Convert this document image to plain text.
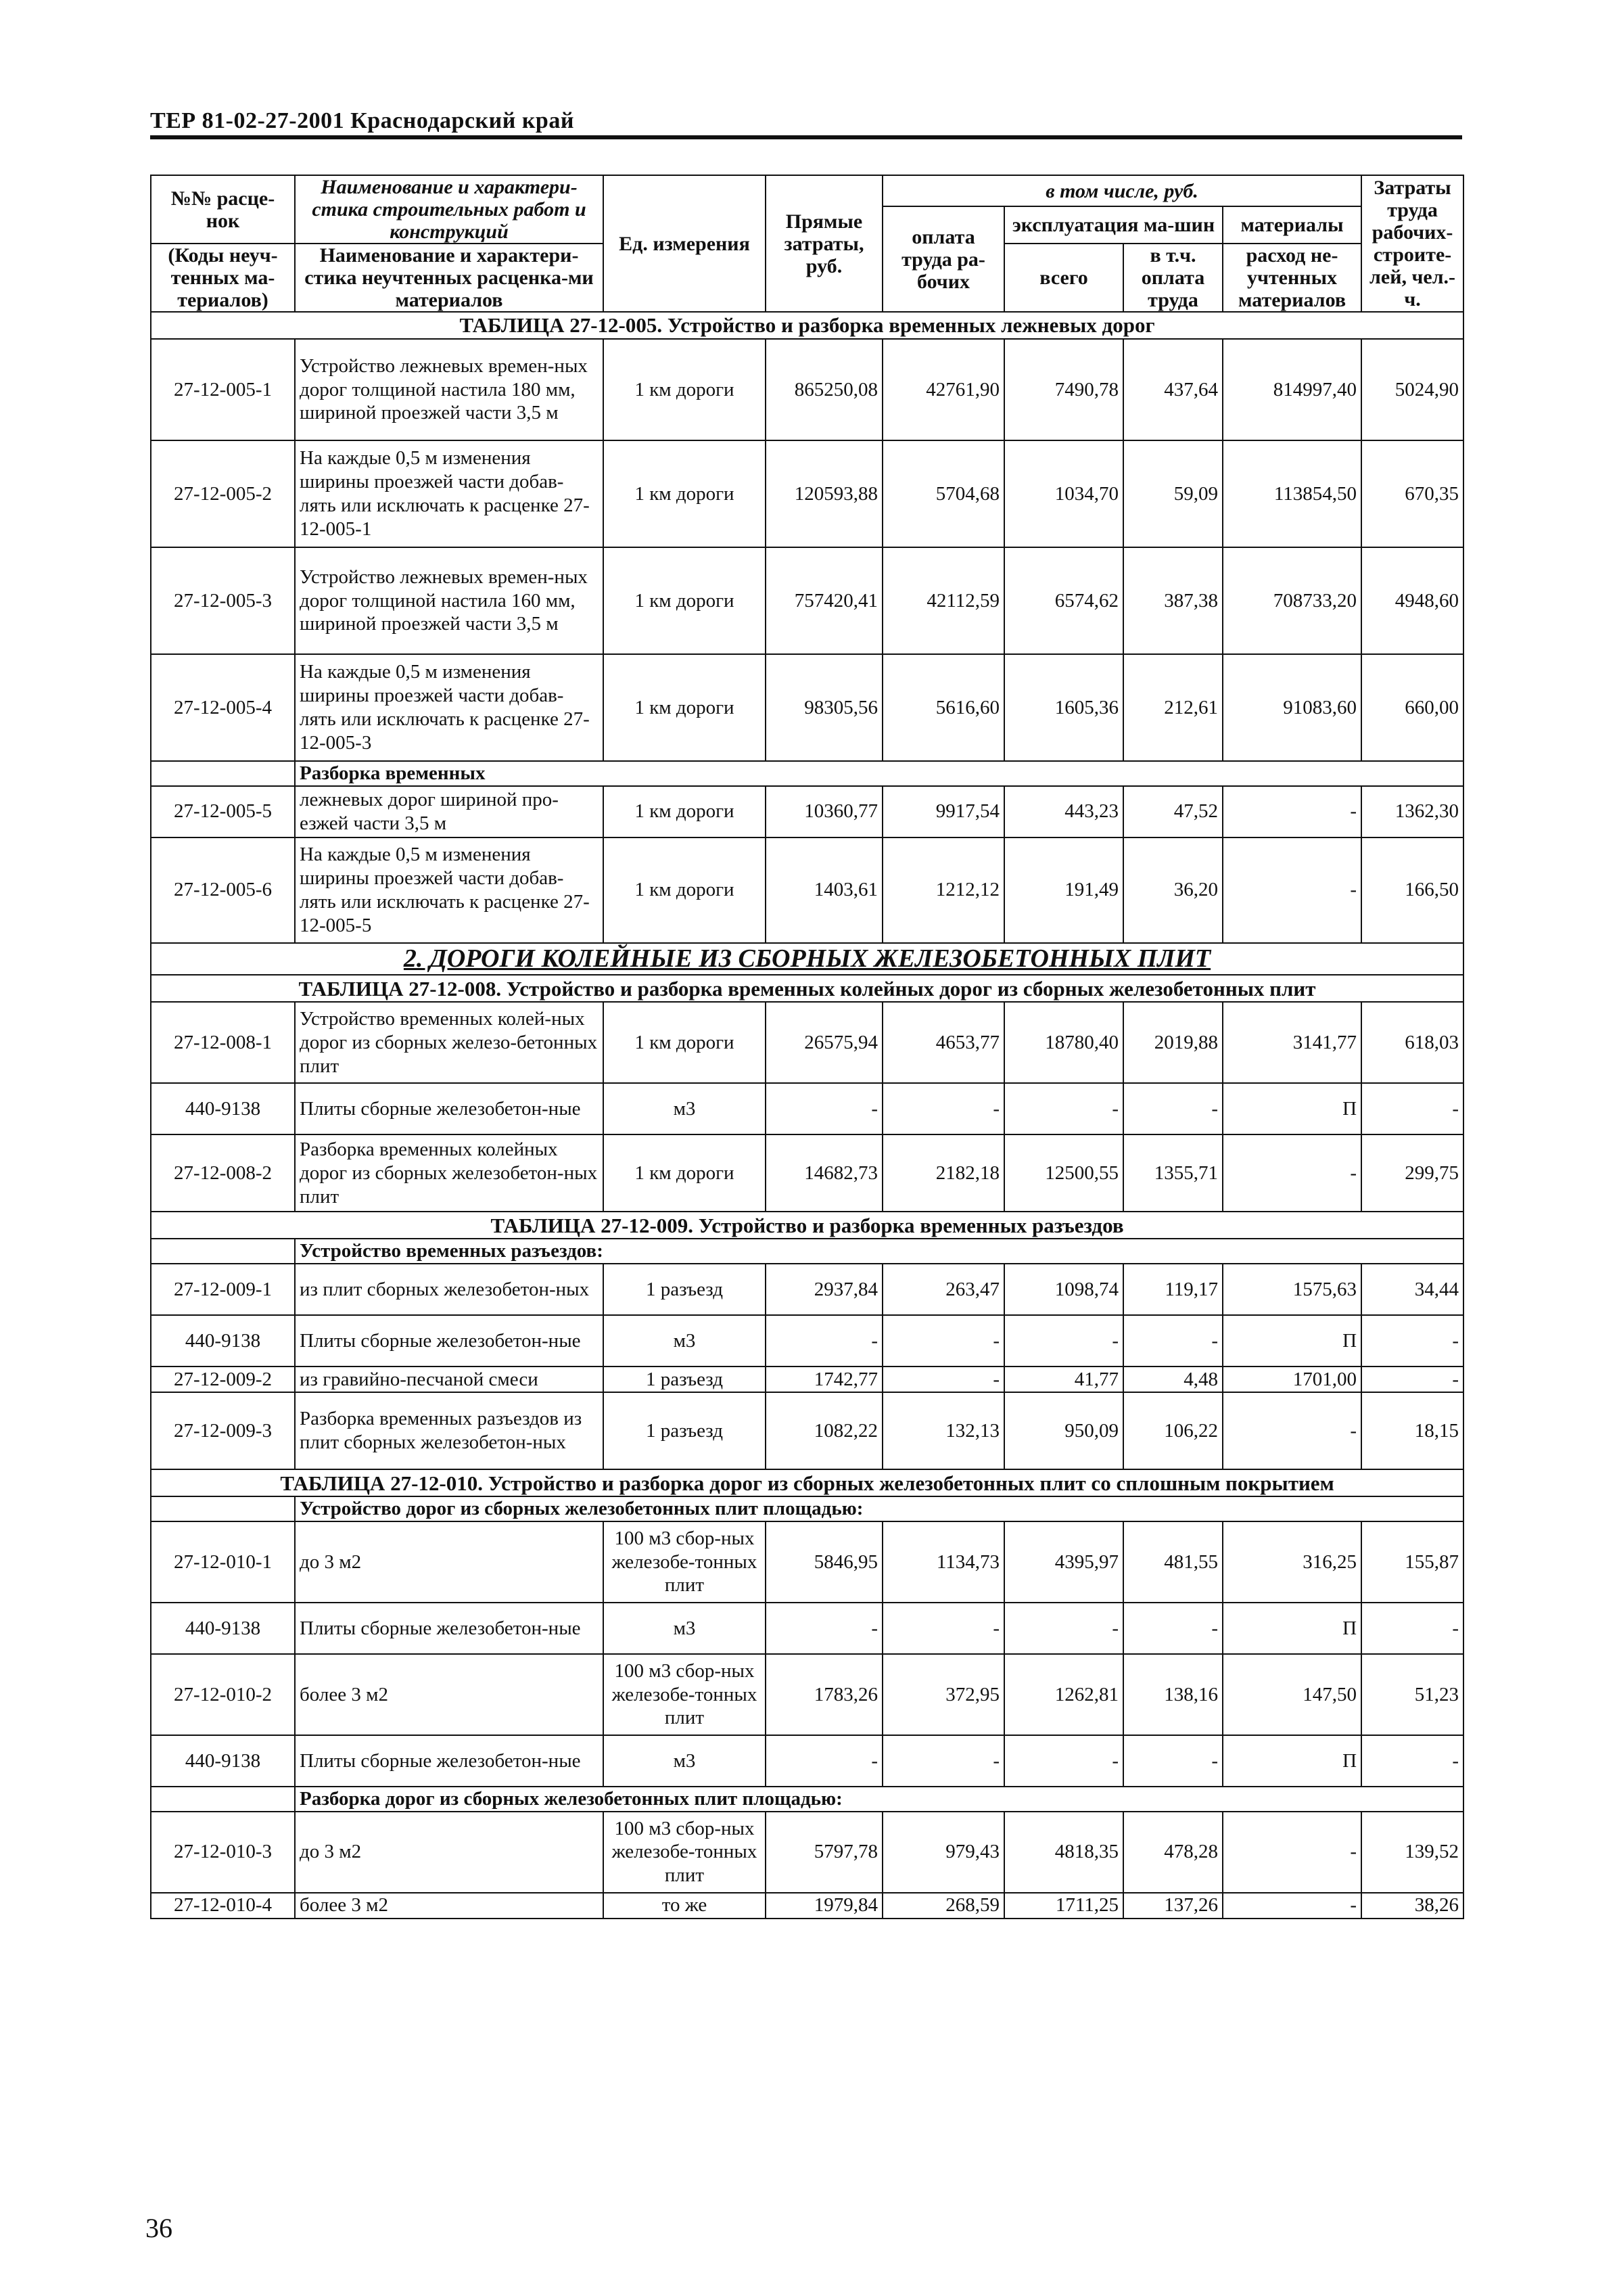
ТЕР 81-02-27-2001 Краснодарский край
№№ расце-нок	Наименование и характери-стика строительных работ и конструкций	Ед. измерения	Прямые затраты, руб.	в том числе, руб.				Затраты труда рабочих-строите-лей, чел.-ч.
				оплата труда ра-бочих	эксплуатация ма-шин		материалы	
(Коды неуч-тенных ма-териалов)	Наименование и характери-стика неучтенных расценка-ми материалов				всего	в т.ч. оплата труда	расход не-учтенных материалов	

ТАБЛИЦА 27-12-005. Устройство и разборка временных лежневых дорог								
27-12-005-1	Устройство лежневых времен-ных дорог толщиной настила 180 мм, шириной проезжей части 3,5 м	1 км дороги	865250,08	42761,90	7490,78	437,64	814997,40	5024,90
27-12-005-2	На каждые 0,5 м изменения ширины проезжей части добав-лять или исключать к расценке 27-12-005-1	1 км дороги	120593,88	5704,68	1034,70	59,09	113854,50	670,35
27-12-005-3	Устройство лежневых времен-ных дорог толщиной настила 160 мм, шириной проезжей части 3,5 м	1 км дороги	757420,41	42112,59	6574,62	387,38	708733,20	4948,60
27-12-005-4	На каждые 0,5 м изменения ширины проезжей части добав-лять или исключать к расценке 27-12-005-3	1 км дороги	98305,56	5616,60	1605,36	212,61	91083,60	660,00
	Разборка временных							
27-12-005-5	лежневых дорог шириной про-езжей части 3,5 м	1 км дороги	10360,77	9917,54	443,23	47,52	-	1362,30
27-12-005-6	На каждые 0,5 м изменения ширины проезжей части добав-лять или исключать к расценке 27-12-005-5	1 км дороги	1403,61	1212,12	191,49	36,20	-	166,50
2. ДОРОГИ КОЛЕЙНЫЕ ИЗ СБОРНЫХ ЖЕЛЕЗОБЕТОННЫХ ПЛИТ								
ТАБЛИЦА 27-12-008. Устройство и разборка временных колейных дорог из сборных железобетонных плит								
27-12-008-1	Устройство временных колей-ных дорог из сборных железо-бетонных плит	1 км дороги	26575,94	4653,77	18780,40	2019,88	3141,77	618,03
440-9138	Плиты сборные железобетон-ные	м3	-	-	-	-	П	-
27-12-008-2	Разборка временных колейных дорог из сборных железобетон-ных плит	1 км дороги	14682,73	2182,18	12500,55	1355,71	-	299,75
ТАБЛИЦА 27-12-009. Устройство и разборка временных разъездов								
	Устройство временных разъездов:							
27-12-009-1	из плит сборных железобетон-ных	1 разъезд	2937,84	263,47	1098,74	119,17	1575,63	34,44
440-9138	Плиты сборные железобетон-ные	м3	-	-	-	-	П	-
27-12-009-2	из гравийно-песчаной смеси	1 разъезд	1742,77	-	41,77	4,48	1701,00	-
27-12-009-3	Разборка временных разъездов из плит сборных железобетон-ных	1 разъезд	1082,22	132,13	950,09	106,22	-	18,15
ТАБЛИЦА 27-12-010. Устройство и разборка дорог из сборных железобетонных плит со сплошным покрытием								
	Устройство дорог из сборных железобетонных плит площадью:							
27-12-010-1	до 3 м2	100 м3 сбор-ных железобе-тонных плит	5846,95	1134,73	4395,97	481,55	316,25	155,87
440-9138	Плиты сборные железобетон-ные	м3	-	-	-	-	П	-
27-12-010-2	более 3 м2	100 м3 сбор-ных железобе-тонных плит	1783,26	372,95	1262,81	138,16	147,50	51,23
440-9138	Плиты сборные железобетон-ные	м3	-	-	-	-	П	-
	Разборка дорог из сборных железобетонных плит площадью:							
27-12-010-3	до 3 м2	100 м3 сбор-ных железобе-тонных плит	5797,78	979,43	4818,35	478,28	-	139,52
27-12-010-4	более 3 м2	то же	1979,84	268,59	1711,25	137,26	-	38,26
36
